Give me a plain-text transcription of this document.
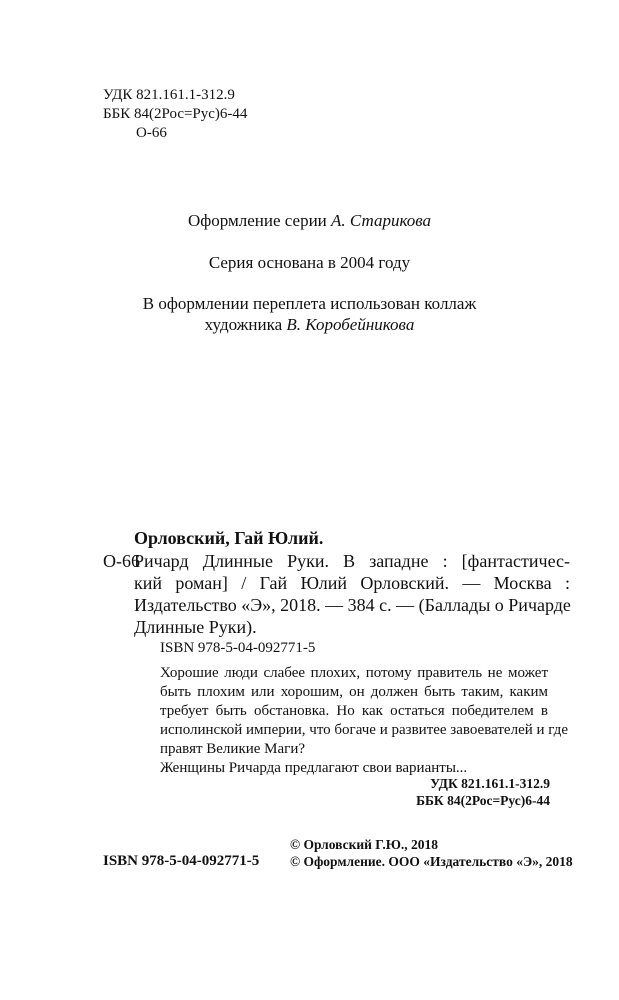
УДК 821.161.1-312.9
ББК 84(2Рос=Рус)6-44
О-66
Оформление серии А. Старикова
Серия основана в 2004 году
В оформлении переплета использован коллаж
художника В. Коробейникова
Орловский, Гай Юлий.
О-66
Ричард Длинные Руки. В западне : [фантастичес-
кий роман] / Гай Юлий Орловский. — Москва :
Издательство «Э», 2018. — 384 с. — (Баллады о Ричарде
Длинные Руки).
ISBN 978-5-04-092771-5
Хорошие люди слабее плохих, потому правитель не может
быть плохим или хорошим, он должен быть таким, каким
требует быть обстановка. Но как остаться победителем в
исполинской империи, что богаче и развитее завоевателей и где
правят Великие Маги?
Женщины Ричарда предлагают свои варианты...
УДК 821.161.1-312.9
ББК 84(2Рос=Рус)6-44
© Орловский Г.Ю., 2018
ISBN 978-5-04-092771-5 © Оформление. ООО «Издательство «Э», 2018
